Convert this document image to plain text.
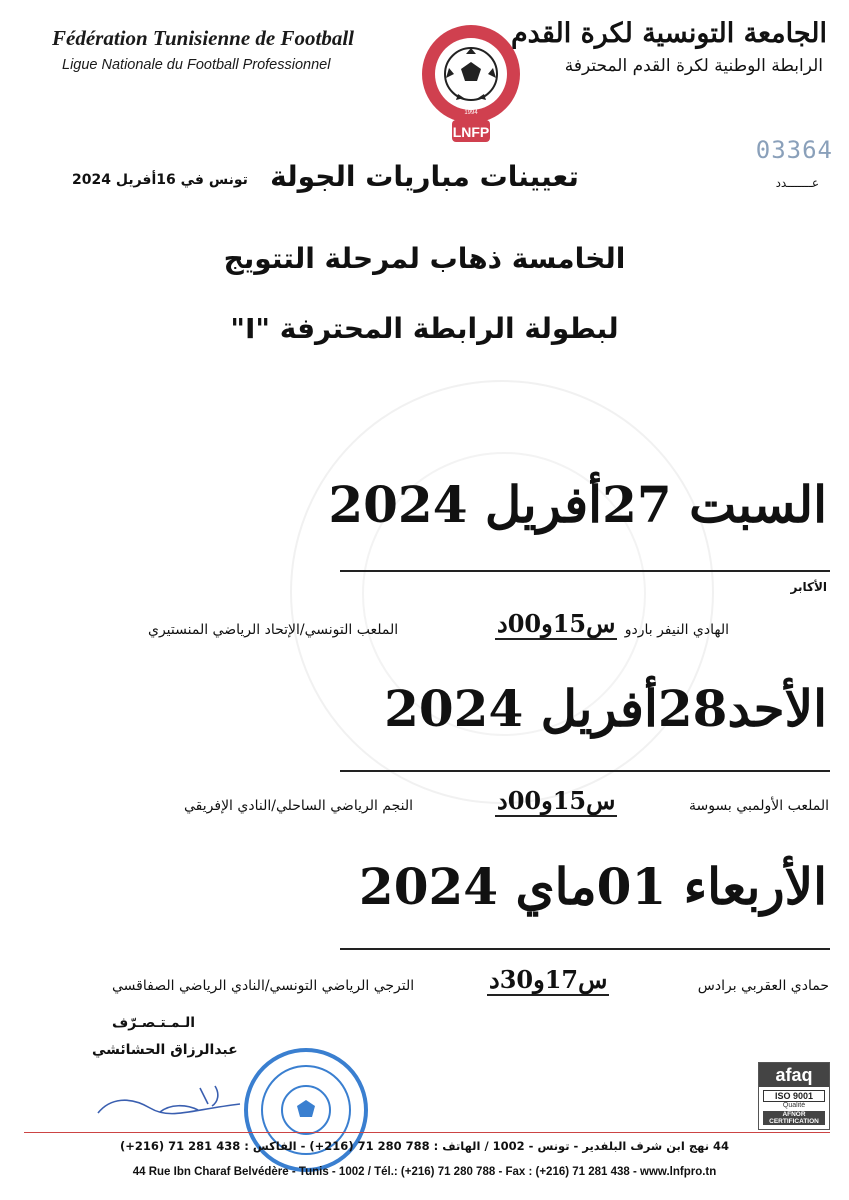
Fédération Tunisienne de Football
Ligue Nationale du Football Professionnel
الجامعة التونسية لكرة القدم
الرابطة الوطنية لكرة القدم المحترفة
LNFP
1994
03364
عـــــــدد
تونس في 16أفريل 2024 تعيينات مباريات الجولة
الخامسة ذهاب لمرحلة التتويج
لبطولة الرابطة المحترفة "I"
السبت 27أفريل 2024
الأكابر
الهادي النيفر باردو
س15و00د
الملعب التونسي/الإتحاد الرياضي المنستيري
الأحد28أفريل 2024
الملعب الأولمبي بسوسة
س15و00د
النجم الرياضي الساحلي/النادي الإفريقي
الأربعاء 01ماي 2024
حمادي العقربي برادس
س17و30د
الترجي الرياضي التونسي/النادي الرياضي الصفاقسي
الـمـتـصـرّف
عبدالرزاق الحشائشي
afaq
ISO 9001
Qualité
AFNOR CERTIFICATION
44 نهج ابن شرف البلفدير - تونس - 1002 / الهاتف : 788 280 71 (216+) - الفاكس : 438 281 71 (216+)
44 Rue Ibn Charaf Belvédère - Tunis - 1002 / Tél.: (+216) 71 280 788 - Fax : (+216) 71 281 438 - www.lnfpro.tn
